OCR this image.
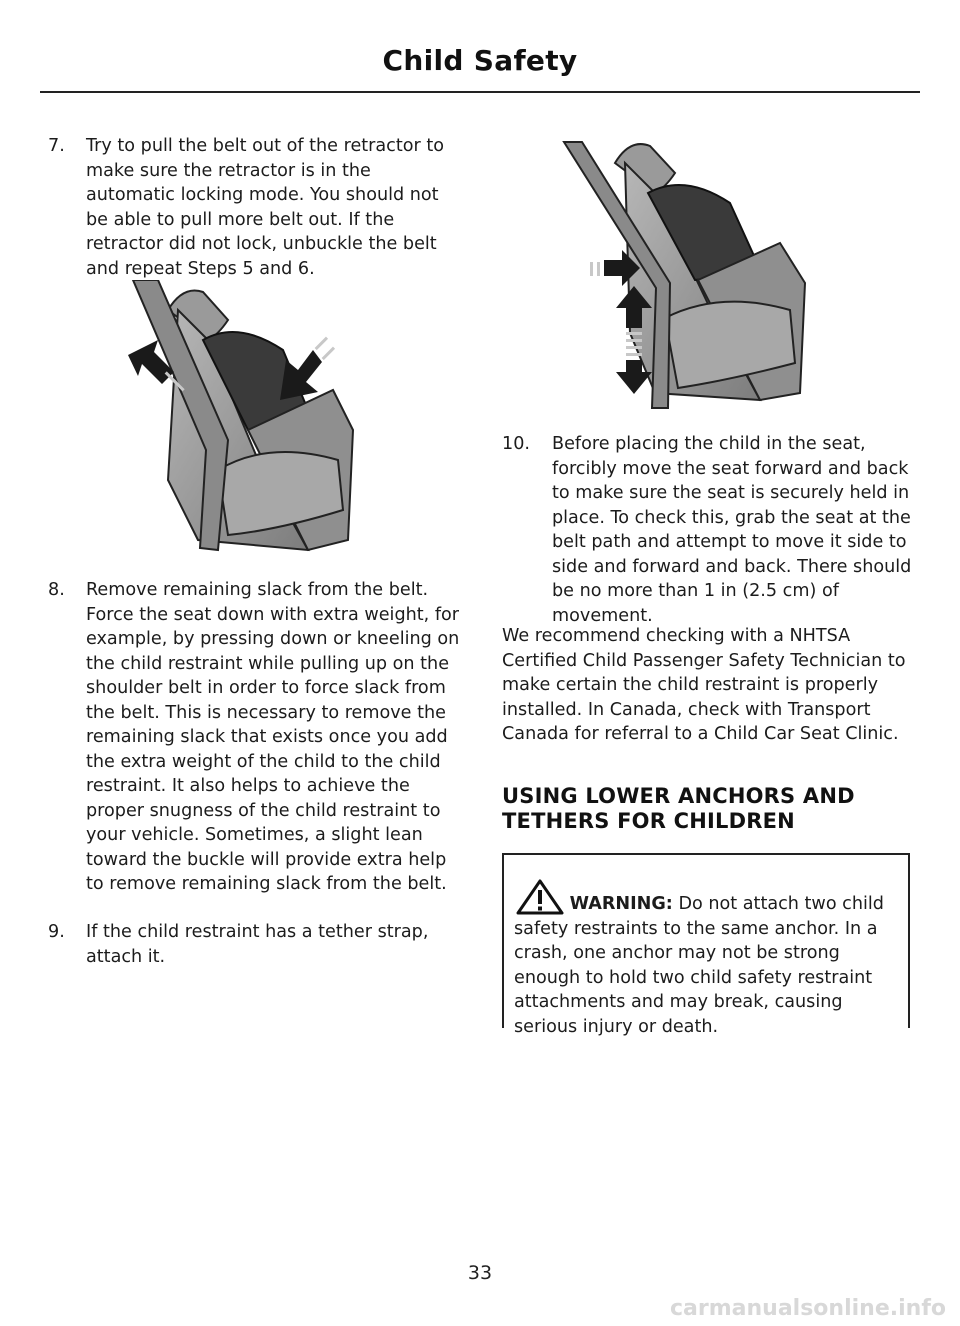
Child Safety
7.	Try to pull the belt out of the retractor to make sure the retractor is in the automatic locking mode. You should not be able to pull more belt out. If the retractor did not lock, unbuckle the belt and repeat Steps 5 and 6.
8.	Remove remaining slack from the belt. Force the seat down with extra weight, for example, by pressing down or kneeling on the child restraint while pulling up on the shoulder belt in order to force slack from the belt. This is necessary to remove the remaining slack that exists once you add the extra weight of the child to the child restraint. It also helps to achieve the proper snugness of the child restraint to your vehicle. Sometimes, a slight lean toward the buckle will provide extra help to remove remaining slack from the belt.
9.	If the child restraint has a tether strap, attach it.
10.	Before placing the child in the seat, forcibly move the seat forward and back to make sure the seat is securely held in place. To check this, grab the seat at the belt path and attempt to move it side to side and forward and back. There should be no more than 1 in (2.5 cm) of movement.
We recommend checking with a NHTSA Certified Child Passenger Safety Technician to make certain the child restraint is properly installed. In Canada, check with Transport Canada for referral to a Child Car Seat Clinic.
USING LOWER ANCHORS AND TETHERS FOR CHILDREN
WARNING: Do not attach two child safety restraints to the same anchor. In a crash, one anchor may not be strong enough to hold two child safety restraint attachments and may break, causing serious injury or death.
33
carmanualsonline.info
